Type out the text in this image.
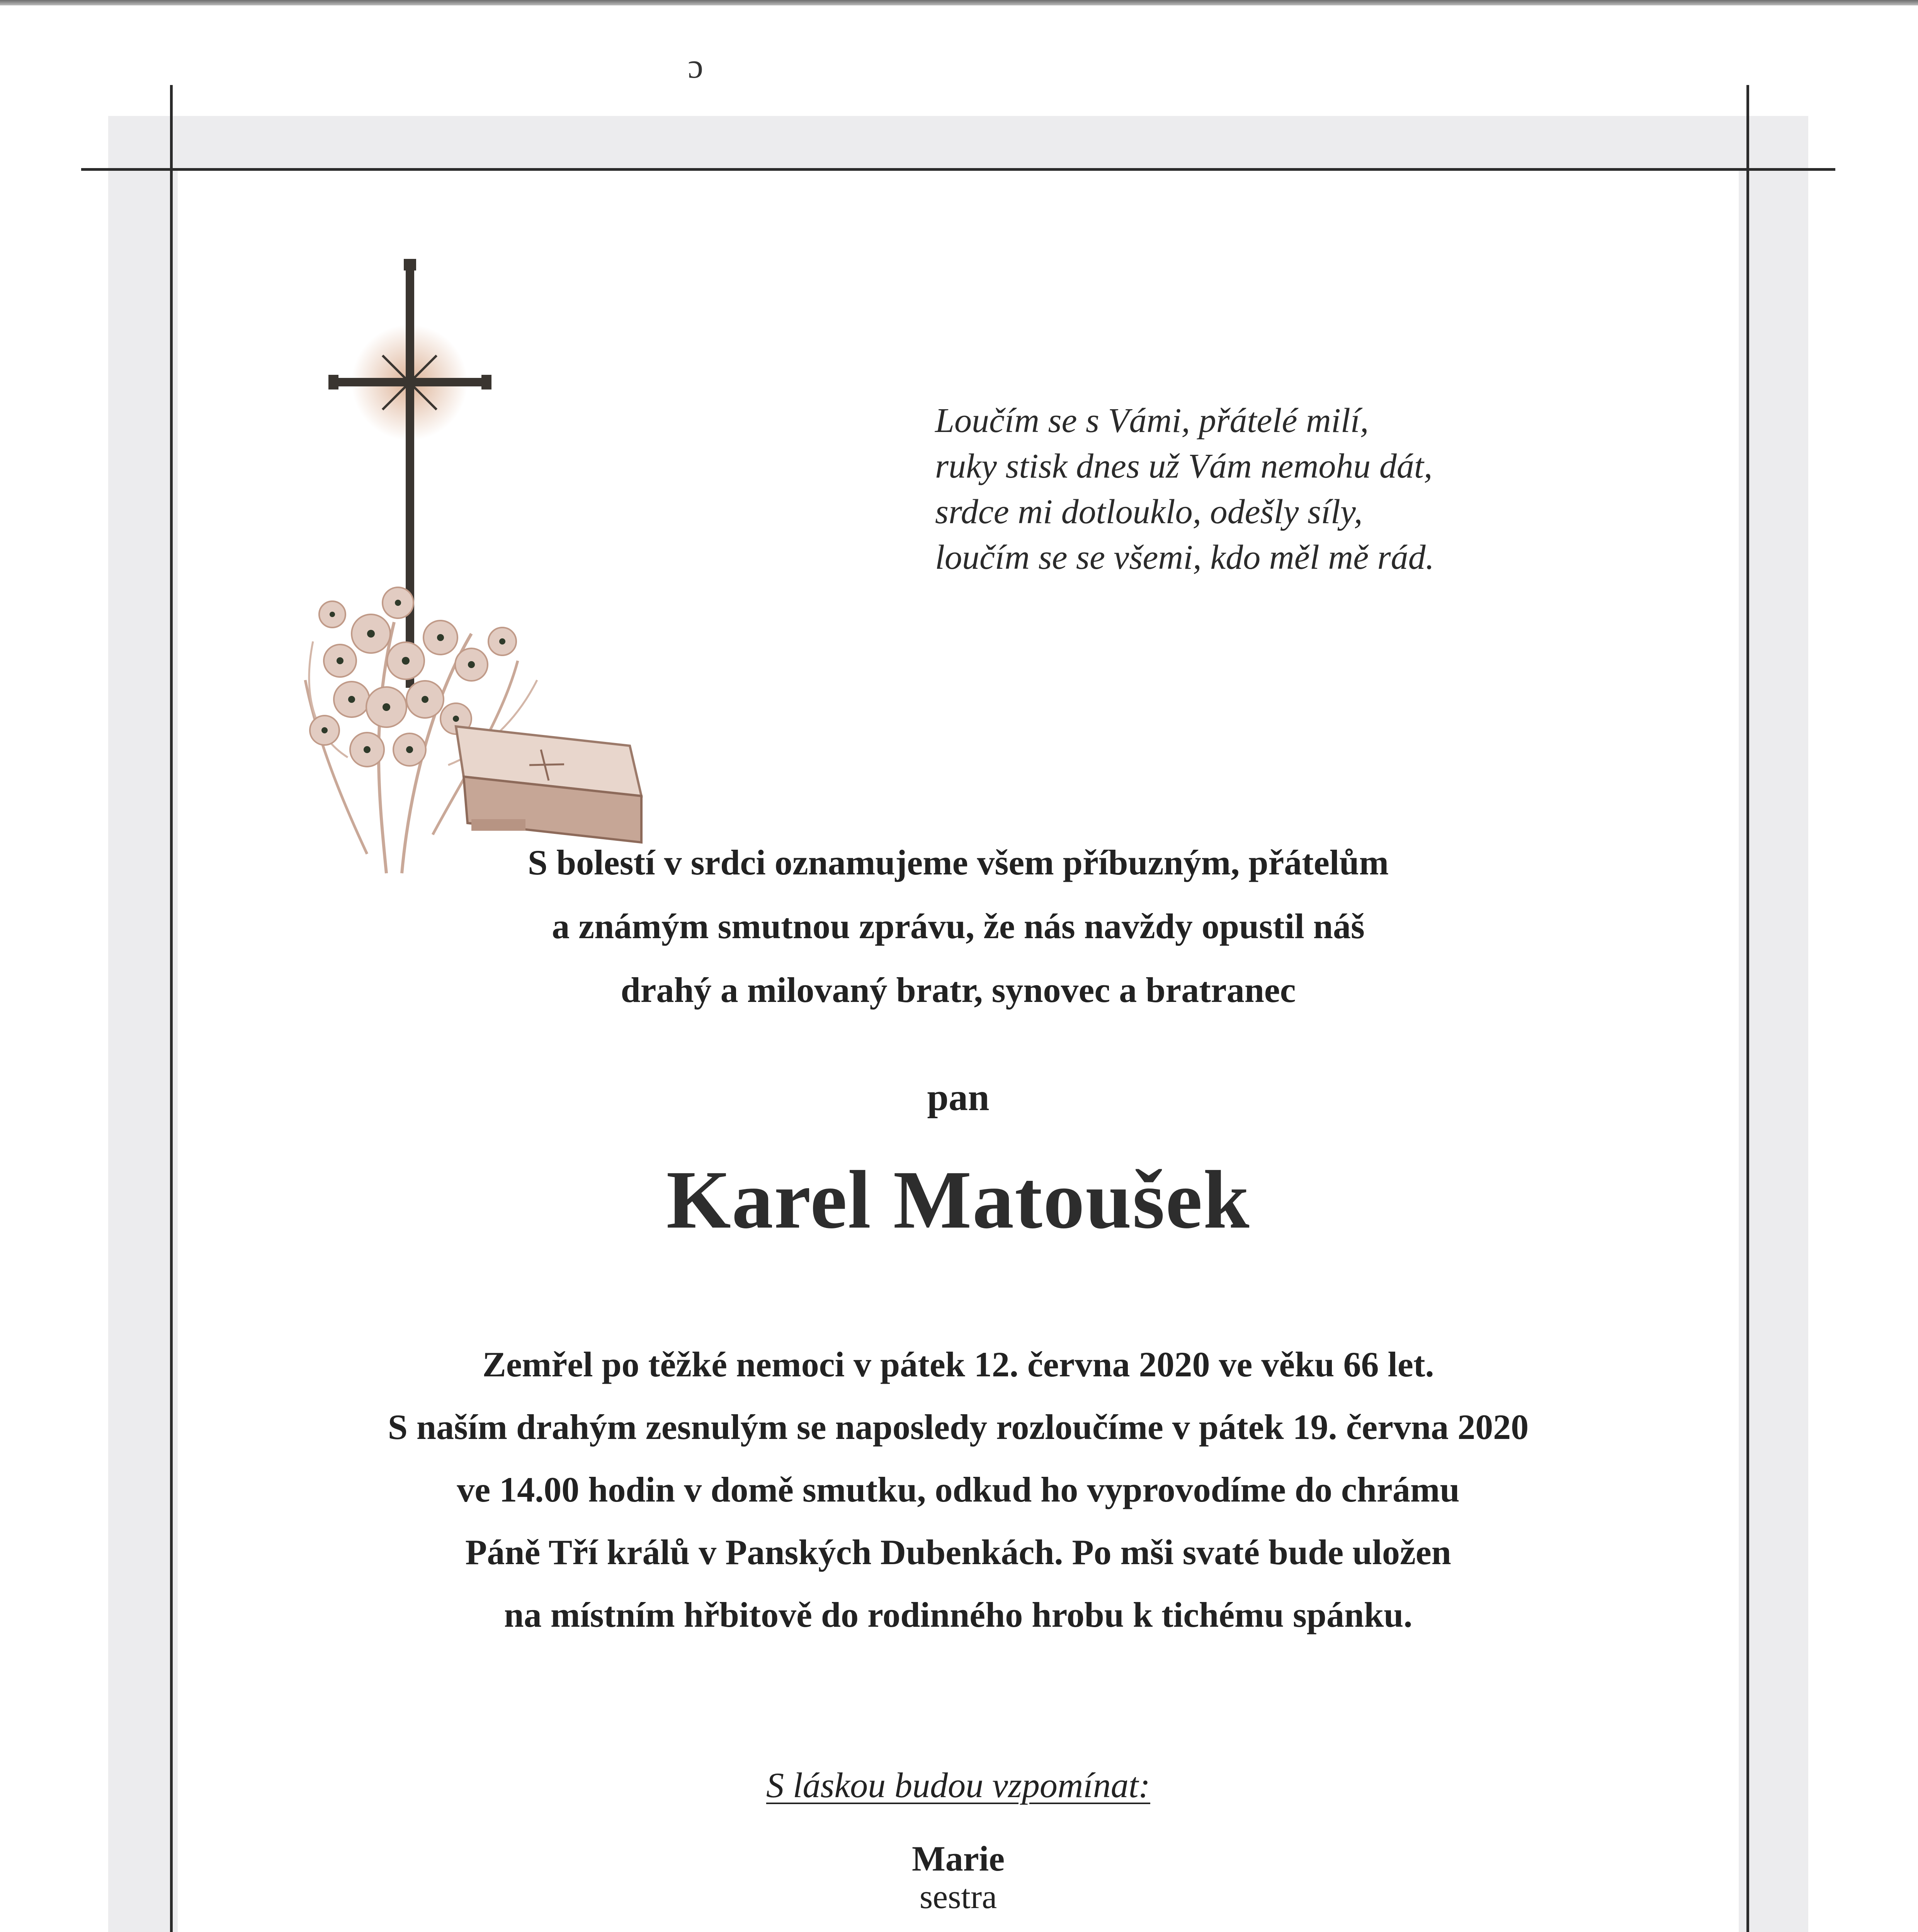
ɔ
Loučím se s Vámi, přátelé milí,
ruky stisk dnes už Vám nemohu dát,
srdce mi dotlouklo, odešly síly,
loučím se se všemi, kdo měl mě rád.
S bolestí v srdci oznamujeme všem příbuzným, přátelům
a známým smutnou zprávu, že nás navždy opustil náš
drahý a milovaný bratr, synovec a bratranec
pan
Karel Matoušek
Zemřel po těžké nemoci v pátek 12. června 2020 ve věku 66 let.
S naším drahým zesnulým se naposledy rozloučíme v pátek 19. června 2020
ve 14.00 hodin v domě smutku, odkud ho vyprovodíme do chrámu
Páně Tří králů v Panských Dubenkách. Po mši svaté bude uložen
na místním hřbitově do rodinného hrobu k tichému spánku.
S láskou budou vzpomínat:
Marie
sestra
